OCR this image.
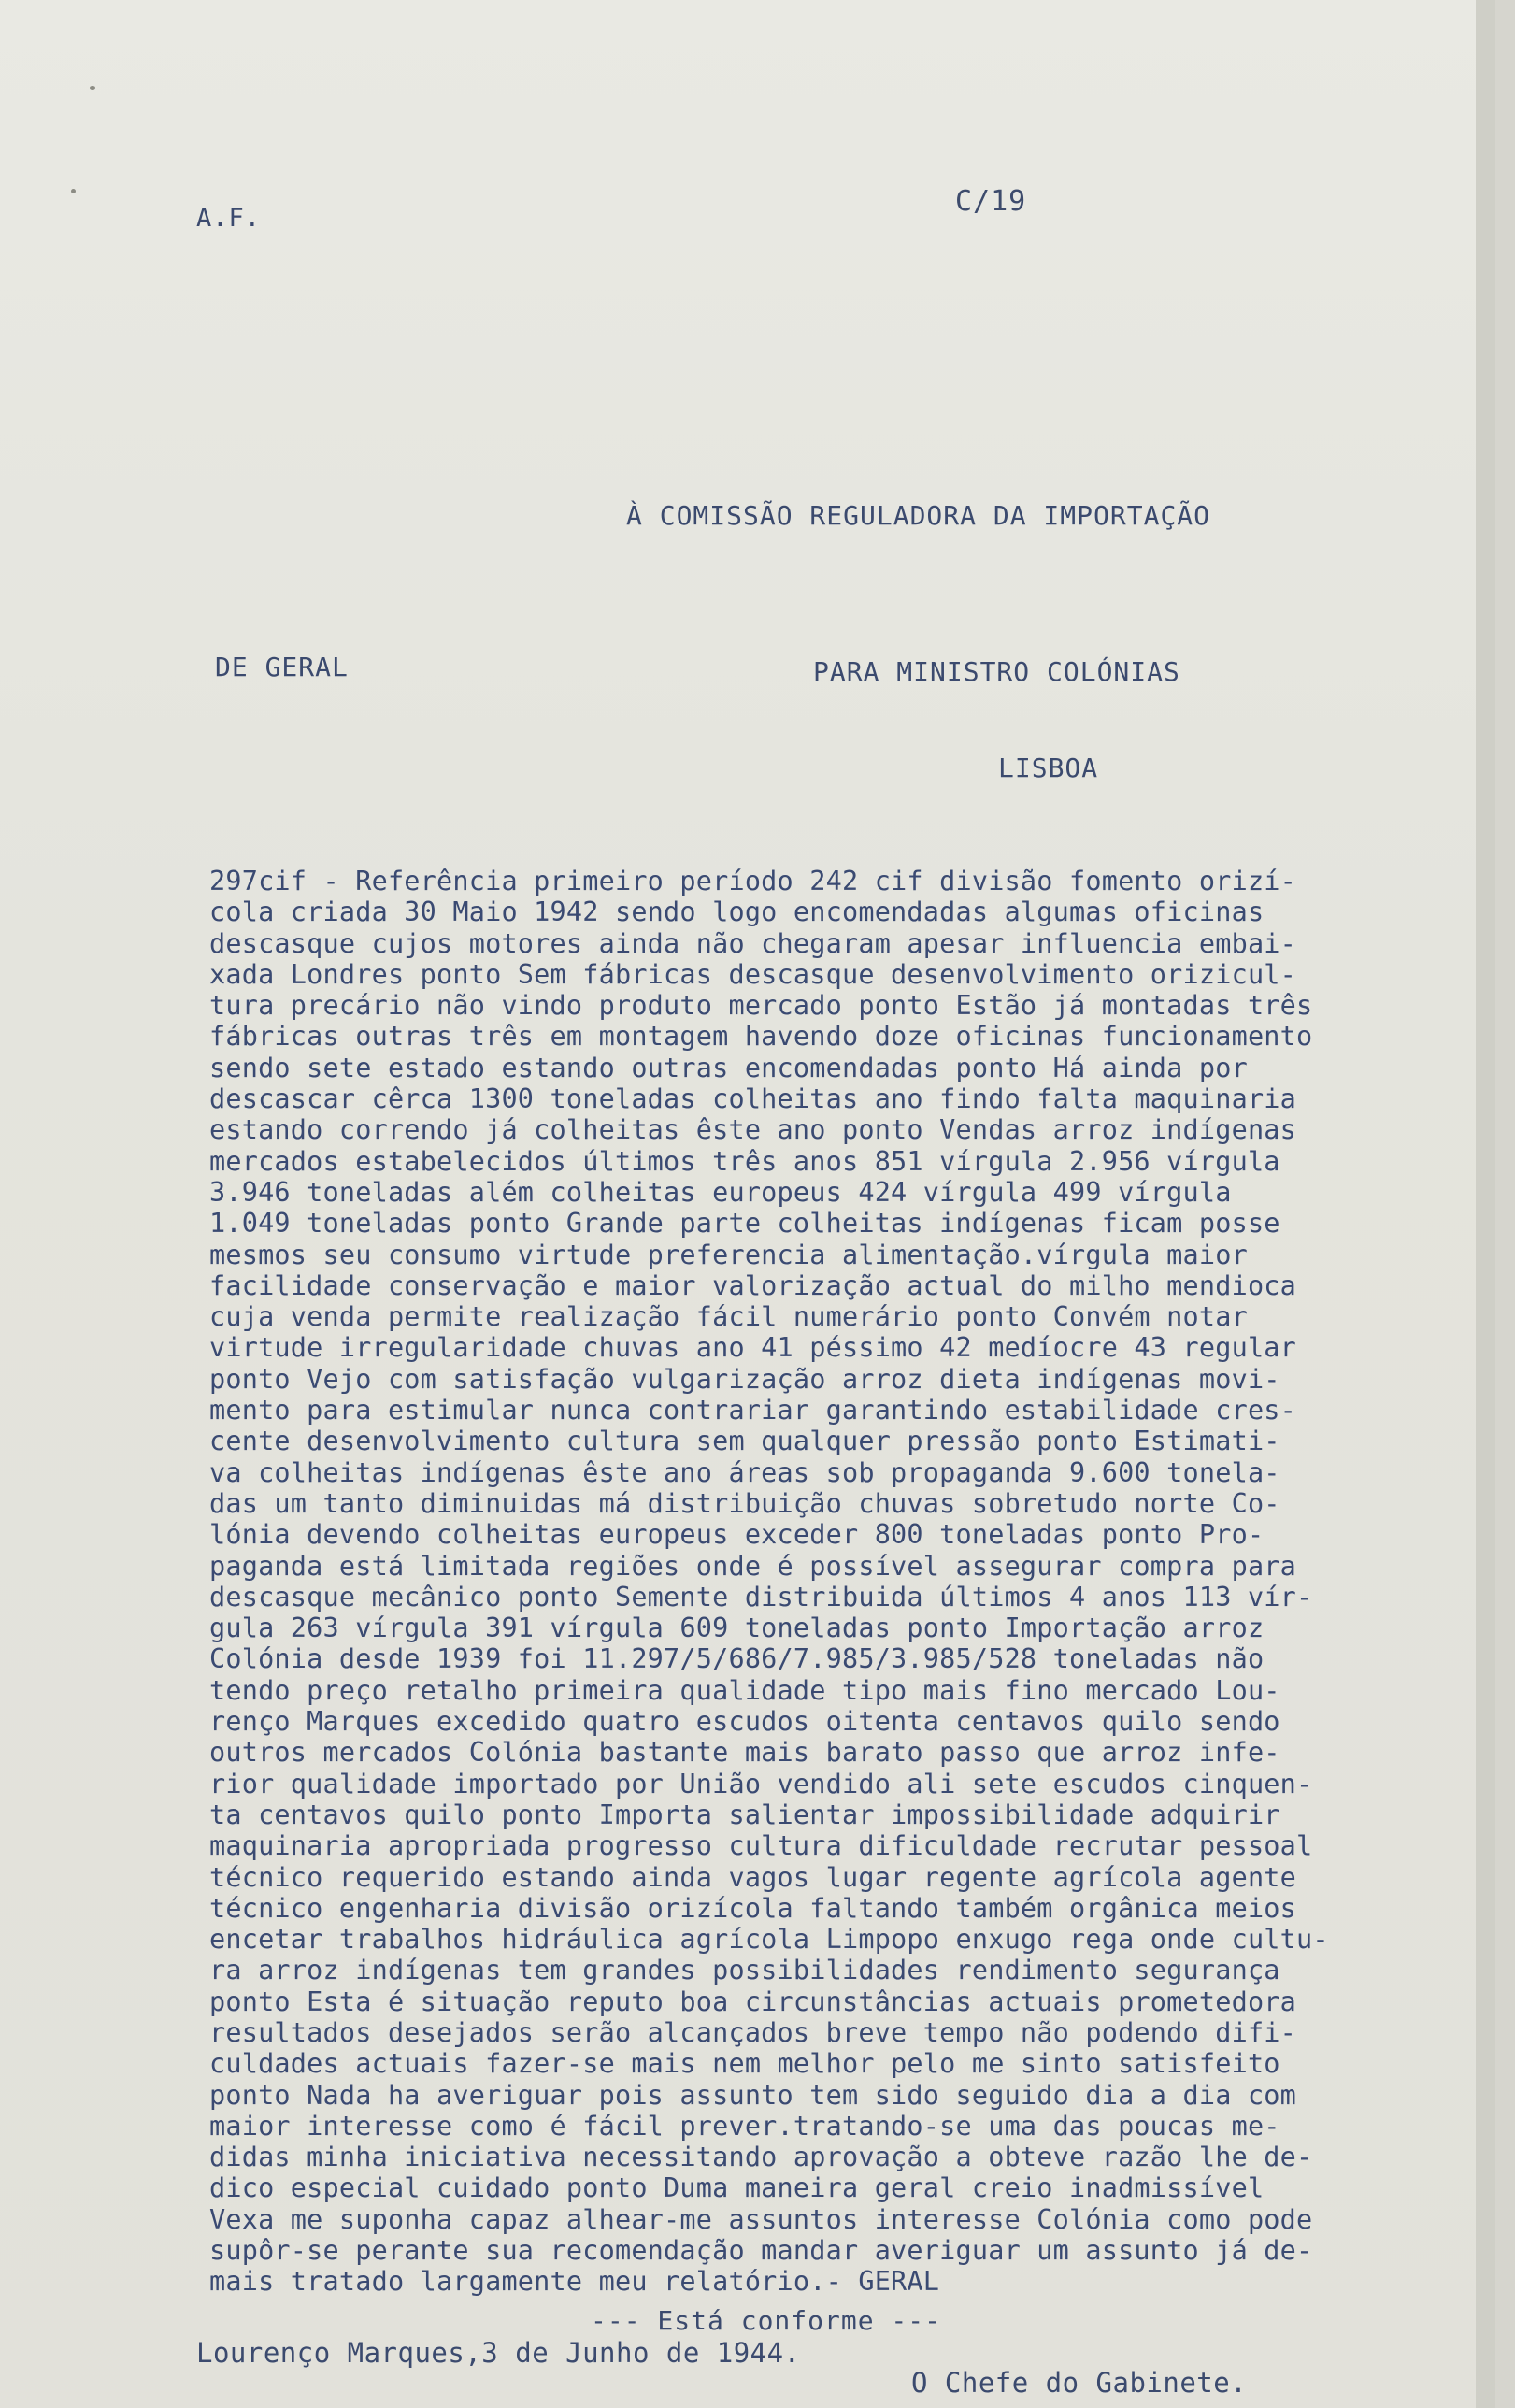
A.F.
C/19
À COMISSÃO REGULADORA DA IMPORTAÇÃO
DE GERAL	PARA MINISTRO COLÓNIAS
LISBOA
297cif - Referência primeiro período 242 cif divisão fomento orizí-
cola criada 30 Maio 1942 sendo logo encomendadas algumas oficinas
descasque cujos motores ainda não chegaram apesar influencia embai-
xada Londres ponto Sem fábricas descasque desenvolvimento orizicul-
tura precário não vindo produto mercado ponto Estão já montadas três
fábricas outras três em montagem havendo doze oficinas funcionamento
sendo sete estado estando outras encomendadas ponto Há ainda por
descascar cêrca 1300 toneladas colheitas ano findo falta maquinaria
estando correndo já colheitas êste ano ponto Vendas arroz indígenas
mercados estabelecidos últimos três anos 851 vírgula 2.956 vírgula
3.946 toneladas além colheitas europeus 424 vírgula 499 vírgula
1.049 toneladas ponto Grande parte colheitas indígenas ficam posse
mesmos seu consumo virtude preferencia alimentação.vírgula maior
facilidade conservação e maior valorização actual do milho mendioca
cuja venda permite realização fácil numerário ponto Convém notar
virtude irregularidade chuvas ano 41 péssimo 42 medíocre 43 regular
ponto Vejo com satisfação vulgarização arroz dieta indígenas movi-
mento para estimular nunca contrariar garantindo estabilidade cres-
cente desenvolvimento cultura sem qualquer pressão ponto Estimati-
va colheitas indígenas êste ano áreas sob propaganda 9.600 tonela-
das um tanto diminuidas má distribuição chuvas sobretudo norte Co-
lónia devendo colheitas europeus exceder 800 toneladas ponto Pro-
paganda está limitada regiões onde é possível assegurar compra para
descasque mecânico ponto Semente distribuida últimos 4 anos 113 vír-
gula 263 vírgula 391 vírgula 609 toneladas ponto Importação arroz
Colónia desde 1939 foi 11.297/5/686/7.985/3.985/528 toneladas não
tendo preço retalho primeira qualidade tipo mais fino mercado Lou-
renço Marques excedido quatro escudos oitenta centavos quilo sendo
outros mercados Colónia bastante mais barato passo que arroz infe-
rior qualidade importado por União vendido ali sete escudos cinquen-
ta centavos quilo ponto Importa salientar impossibilidade adquirir
maquinaria apropriada progresso cultura dificuldade recrutar pessoal
técnico requerido estando ainda vagos lugar regente agrícola agente
técnico engenharia divisão orizícola faltando também orgânica meios
encetar trabalhos hidráulica agrícola Limpopo enxugo rega onde cultu-
ra arroz indígenas tem grandes possibilidades rendimento segurança
ponto Esta é situação reputo boa circunstâncias actuais prometedora
resultados desejados serão alcançados breve tempo não podendo difi-
culdades actuais fazer-se mais nem melhor pelo me sinto satisfeito
ponto Nada ha averiguar pois assunto tem sido seguido dia a dia com
maior interesse como é fácil prever.tratando-se uma das poucas me-
didas minha iniciativa necessitando aprovação a obteve razão lhe de-
dico especial cuidado ponto Duma maneira geral creio inadmissível
Vexa me suponha capaz alhear-me assuntos interesse Colónia como pode
supôr-se perante sua recomendação mandar averiguar um assunto já de-
mais tratado largamente meu relatório.- GERAL
--- Está conforme ---
Lourenço Marques,3 de Junho de 1944.
O Chefe do Gabinete.
